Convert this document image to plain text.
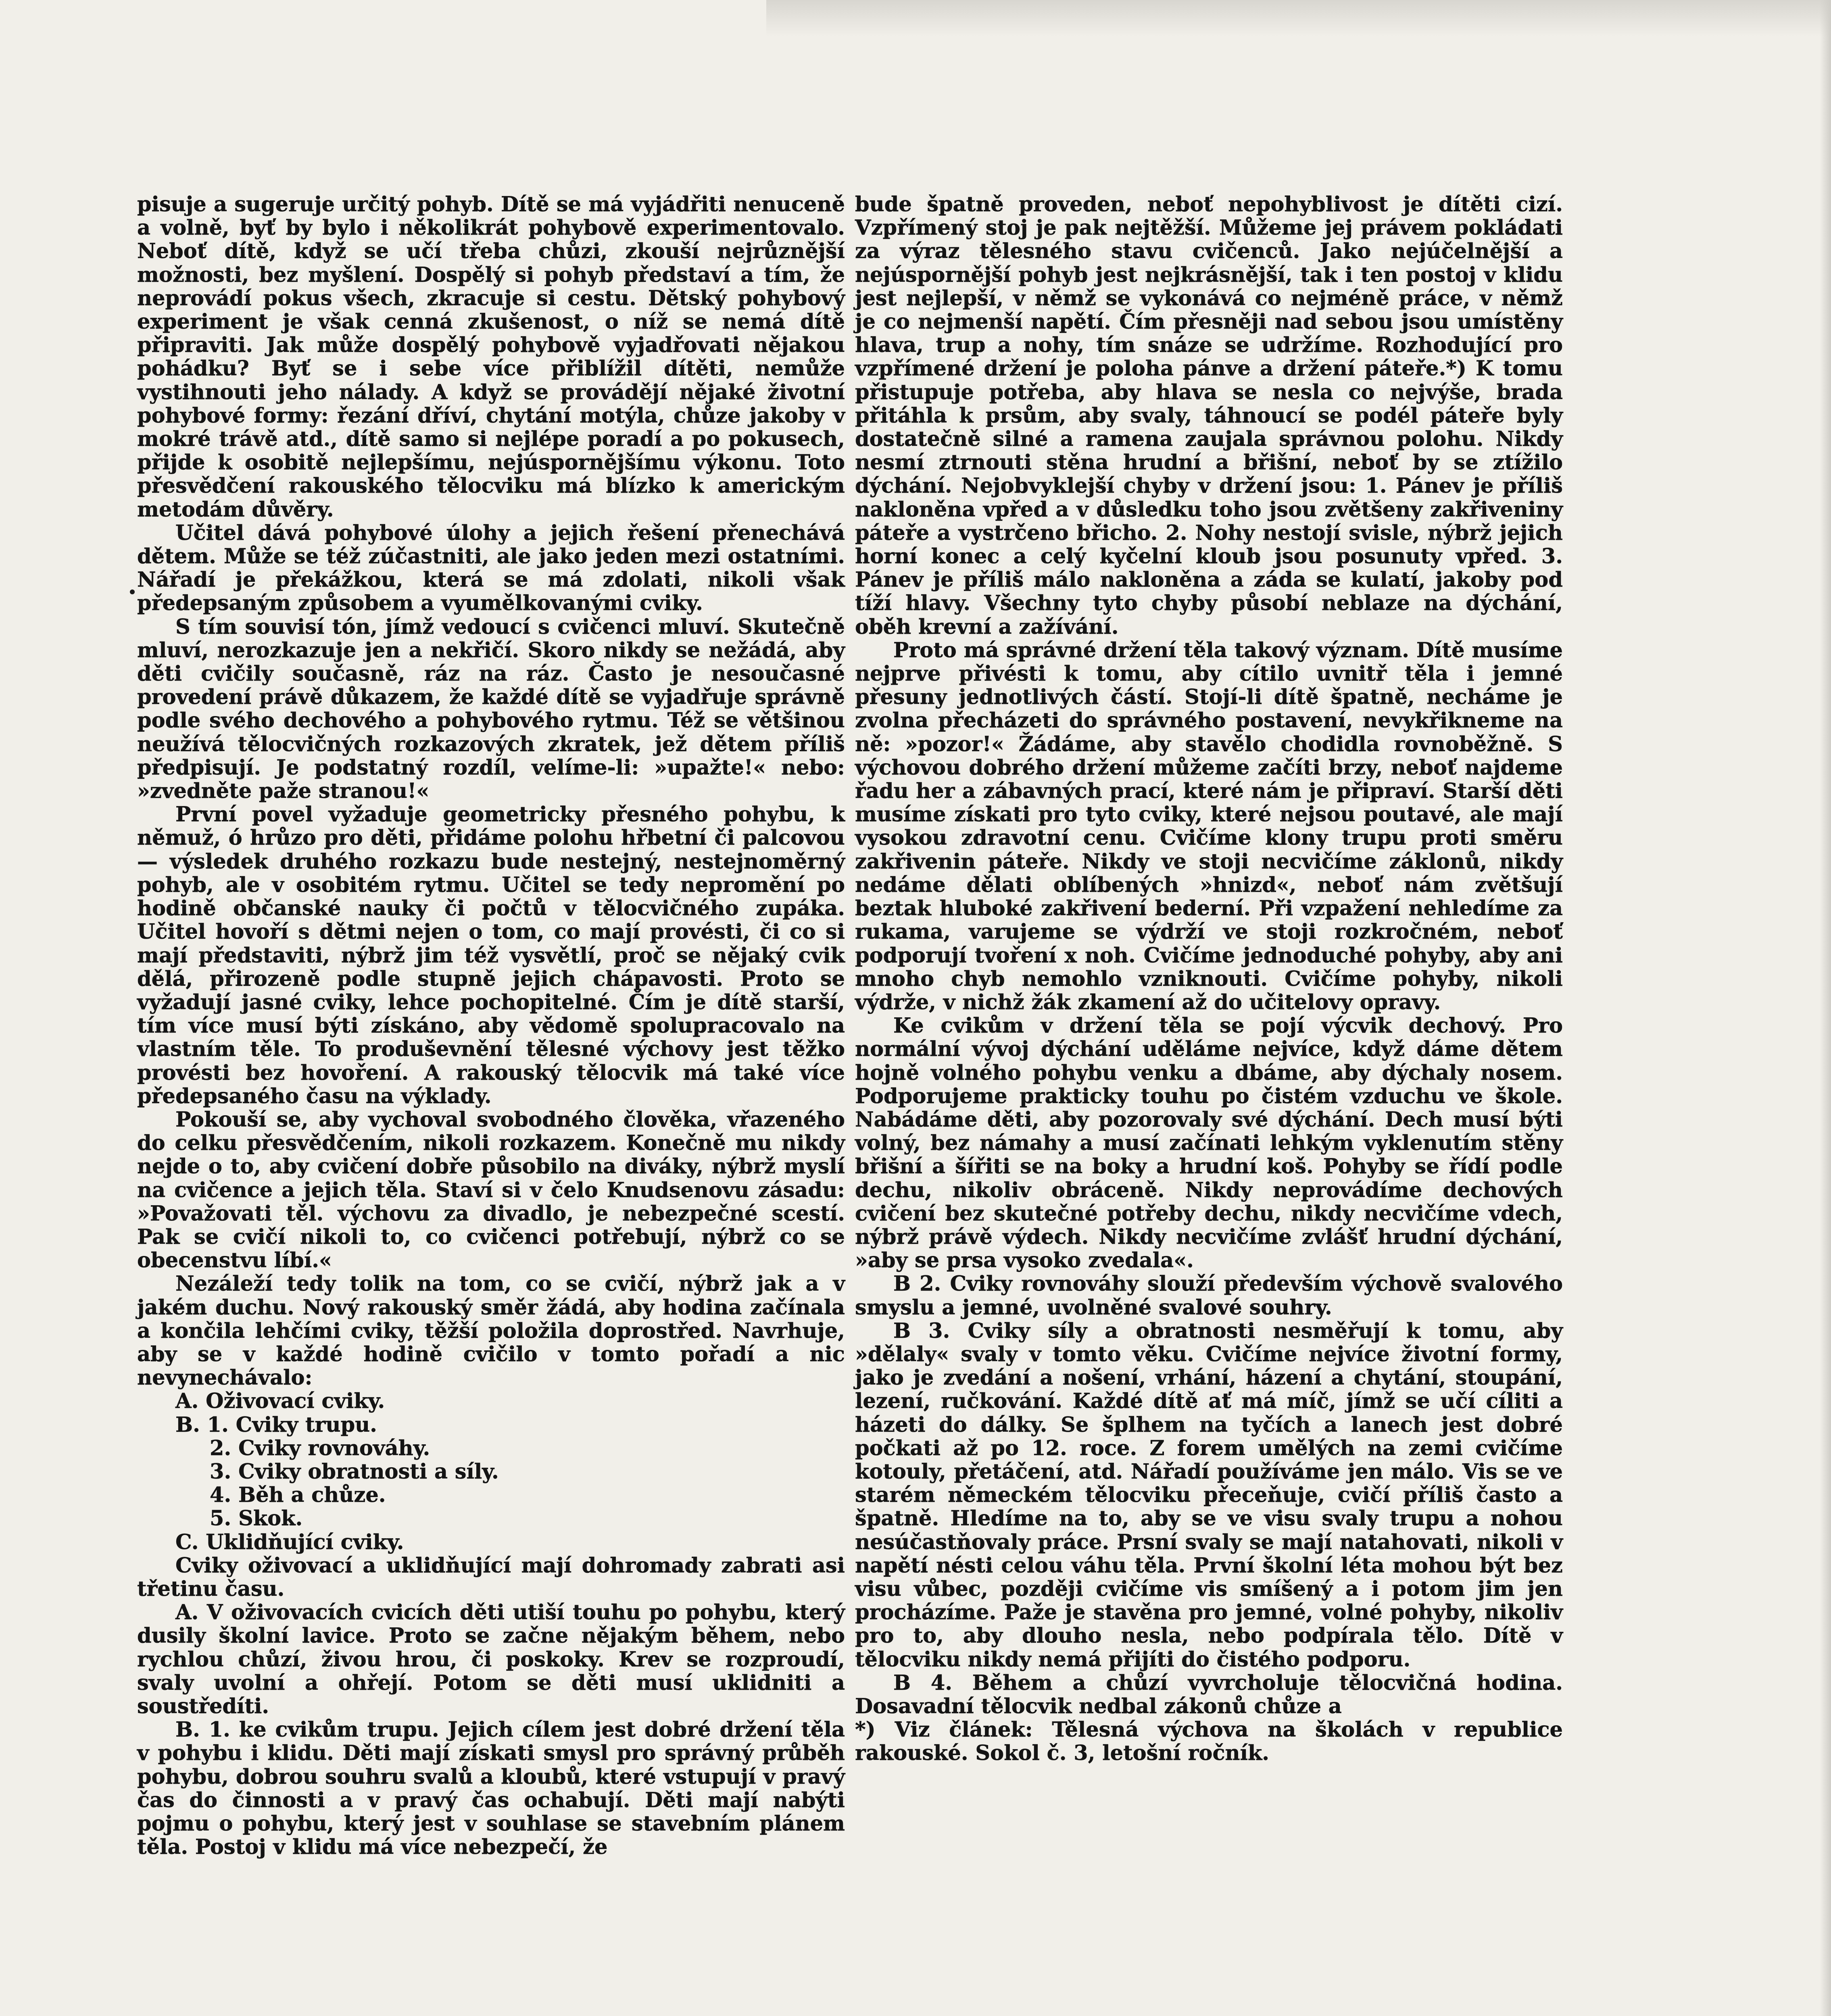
pisuje a sugeruje určitý pohyb. Dítě se má vyjádřiti nenuceně a volně, byť by bylo i několikrát pohybově experimentovalo. Neboť dítě, když se učí třeba chůzi, zkouší nejrůznější možnosti, bez myšlení. Dospělý si pohyb představí a tím, že neprovádí pokus všech, zkracuje si cestu. Dětský pohybový experiment je však cenná zkušenost, o níž se nemá dítě připraviti. Jak může dospělý pohybově vyjadřovati nějakou pohádku? Byť se i sebe více přiblížil dítěti, nemůže vystihnouti jeho nálady. A když se provádějí nějaké životní pohybové formy: řezání dříví, chytání motýla, chůze jakoby v mokré trávě atd., dítě samo si nejlépe poradí a po pokusech, přijde k osobitě nejlepšímu, nejúspornějšímu výkonu. Toto přesvědčení rakouského tělocviku má blízko k americkým metodám důvěry.

Učitel dává pohybové úlohy a jejich řešení přenechává dětem. Může se též zúčastniti, ale jako jeden mezi ostatními. Nářadí je překážkou, která se má zdolati, nikoli však předepsaným způsobem a vyumělkovanými cviky.

S tím souvisí tón, jímž vedoucí s cvičenci mluví. Skutečně mluví, nerozkazuje jen a nekřičí. Skoro nikdy se nežádá, aby děti cvičily současně, ráz na ráz. Často je nesoučasné provedení právě důkazem, že každé dítě se vyjadřuje správně podle svého dechového a pohybového rytmu. Též se většinou neužívá tělocvičných rozkazových zkratek, jež dětem příliš předpisují. Je podstatný rozdíl, velíme-li: »upažte!« nebo: »zvedněte paže stranou!«

První povel vyžaduje geometricky přesného pohybu, k němuž, ó hrůzo pro děti, přidáme polohu hřbetní či palcovou — výsledek druhého rozkazu bude nestejný, nestejnoměrný pohyb, ale v osobitém rytmu. Učitel se tedy nepromění po hodině občanské nauky či počtů v tělocvičného zupáka. Učitel hovoří s dětmi nejen o tom, co mají provésti, či co si mají představiti, nýbrž jim též vysvětlí, proč se nějaký cvik dělá, přirozeně podle stupně jejich chápavosti. Proto se vyžadují jasné cviky, lehce pochopitelné. Čím je dítě starší, tím více musí býti získáno, aby vědomě spolupracovalo na vlastním těle. To produševnění tělesné výchovy jest těžko provésti bez hovoření. A rakouský tělocvik má také více předepsaného času na výklady.

Pokouší se, aby vychoval svobodného člověka, vřazeného do celku přesvědčením, nikoli rozkazem. Konečně mu nikdy nejde o to, aby cvičení dobře působilo na diváky, nýbrž myslí na cvičence a jejich těla. Staví si v čelo Knudsenovu zásadu: »Považovati těl. výchovu za divadlo, je nebezpečné scestí. Pak se cvičí nikoli to, co cvičenci potřebují, nýbrž co se obecenstvu líbí.«

Nezáleží tedy tolik na tom, co se cvičí, nýbrž jak a v jakém duchu. Nový rakouský směr žádá, aby hodina začínala a končila lehčími cviky, těžší položila doprostřed. Navrhuje, aby se v každé hodině cvičilo v tomto pořadí a nic nevynechávalo:

A. Oživovací cviky.
B. 1. Cviky trupu.
2. Cviky rovnováhy.
3. Cviky obratnosti a síly.
4. Běh a chůze.
5. Skok.
C. Uklidňující cviky.

Cviky oživovací a uklidňující mají dohromady zabrati asi třetinu času.

A. V oživovacích cvicích děti utiší touhu po pohybu, který dusily školní lavice. Proto se začne nějakým během, nebo rychlou chůzí, živou hrou, či poskoky. Krev se rozproudí, svaly uvolní a ohřejí. Potom se děti musí uklidniti a soustředíti.

B. 1. ke cvikům trupu. Jejich cílem jest dobré držení těla v pohybu i klidu. Děti mají získati smysl pro správný průběh pohybu, dobrou souhru svalů a kloubů, které vstupují v pravý čas do činnosti a v pravý čas ochabují. Děti mají nabýti pojmu o pohybu, který jest v souhlase se stavebním plánem těla. Postoj v klidu má více nebezpečí, že

bude špatně proveden, neboť nepohyblivost je dítěti cizí. Vzpřímený stoj je pak nejtěžší. Můžeme jej právem pokládati za výraz tělesného stavu cvičenců. Jako nejúčelnější a nejúspornější pohyb jest nejkrásnější, tak i ten postoj v klidu jest nejlepší, v němž se vykonává co nejméně práce, v němž je co nejmenší napětí. Čím přesněji nad sebou jsou umístěny hlava, trup a nohy, tím snáze se udržíme. Rozhodující pro vzpřímené držení je poloha pánve a držení páteře.*) K tomu přistupuje potřeba, aby hlava se nesla co nejvýše, brada přitáhla k prsům, aby svaly, táhnoucí se podél páteře byly dostatečně silné a ramena zaujala správnou polohu. Nikdy nesmí ztrnouti stěna hrudní a břišní, neboť by se ztížilo dýchání. Nejobvyklejší chyby v držení jsou: 1. Pánev je příliš nakloněna vpřed a v důsledku toho jsou zvětšeny zakřiveniny páteře a vystrčeno břicho. 2. Nohy nestojí svisle, nýbrž jejich horní konec a celý kyčelní kloub jsou posunuty vpřed. 3. Pánev je příliš málo nakloněna a záda se kulatí, jakoby pod tíží hlavy. Všechny tyto chyby působí neblaze na dýchání, oběh krevní a zažívání.

Proto má správné držení těla takový význam. Dítě musíme nejprve přivésti k tomu, aby cítilo uvnitř těla i jemné přesuny jednotlivých částí. Stojí-li dítě špatně, necháme je zvolna přecházeti do správného postavení, nevykřikneme na ně: »pozor!« Žádáme, aby stavělo chodidla rovnoběžně. S výchovou dobrého držení můžeme začíti brzy, neboť najdeme řadu her a zábavných prací, které nám je připraví. Starší děti musíme získati pro tyto cviky, které nejsou poutavé, ale mají vysokou zdravotní cenu. Cvičíme klony trupu proti směru zakřivenin páteře. Nikdy ve stoji necvičíme záklonů, nikdy nedáme dělati oblíbených »hnizd«, neboť nám zvětšují beztak hluboké zakřivení bederní. Při vzpažení nehledíme za rukama, varujeme se výdrží ve stoji rozkročném, neboť podporují tvoření x noh. Cvičíme jednoduché pohyby, aby ani mnoho chyb nemohlo vzniknouti. Cvičíme pohyby, nikoli výdrže, v nichž žák zkamení až do učitelovy opravy.

Ke cvikům v držení těla se pojí výcvik dechový. Pro normální vývoj dýchání uděláme nejvíce, když dáme dětem hojně volného pohybu venku a dbáme, aby dýchaly nosem. Podporujeme prakticky touhu po čistém vzduchu ve škole. Nabádáme děti, aby pozorovaly své dýchání. Dech musí býti volný, bez námahy a musí začínati lehkým vyklenutím stěny břišní a šířiti se na boky a hrudní koš. Pohyby se řídí podle dechu, nikoliv obráceně. Nikdy neprovádíme dechových cvičení bez skutečné potřeby dechu, nikdy necvičíme vdech, nýbrž právě výdech. Nikdy necvičíme zvlášť hrudní dýchání, »aby se prsa vysoko zvedala«.

B 2. Cviky rovnováhy slouží především výchově svalového smyslu a jemné, uvolněné svalové souhry.

B 3. Cviky síly a obratnosti nesměřují k tomu, aby »dělaly« svaly v tomto věku. Cvičíme nejvíce životní formy, jako je zvedání a nošení, vrhání, házení a chytání, stoupání, lezení, ručkování. Každé dítě ať má míč, jímž se učí cíliti a házeti do dálky. Se šplhem na tyčích a lanech jest dobré počkati až po 12. roce. Z forem umělých na zemi cvičíme kotouly, přetáčení, atd. Nářadí používáme jen málo. Vis se ve starém německém tělocviku přeceňuje, cvičí příliš často a špatně. Hledíme na to, aby se ve visu svaly trupu a nohou nesúčastňovaly práce. Prsní svaly se mají natahovati, nikoli v napětí nésti celou váhu těla. První školní léta mohou být bez visu vůbec, později cvičíme vis smíšený a i potom jim jen procházíme. Paže je stavěna pro jemné, volné pohyby, nikoliv pro to, aby dlouho nesla, nebo podpírala tělo. Dítě v tělocviku nikdy nemá přijíti do čistého podporu.

B 4. Během a chůzí vyvrcholuje tělocvičná hodina. Dosavadní tělocvik nedbal zákonů chůze a

*) Viz článek: Tělesná výchova na školách v republice rakouské. Sokol č. 3, letošní ročník.
